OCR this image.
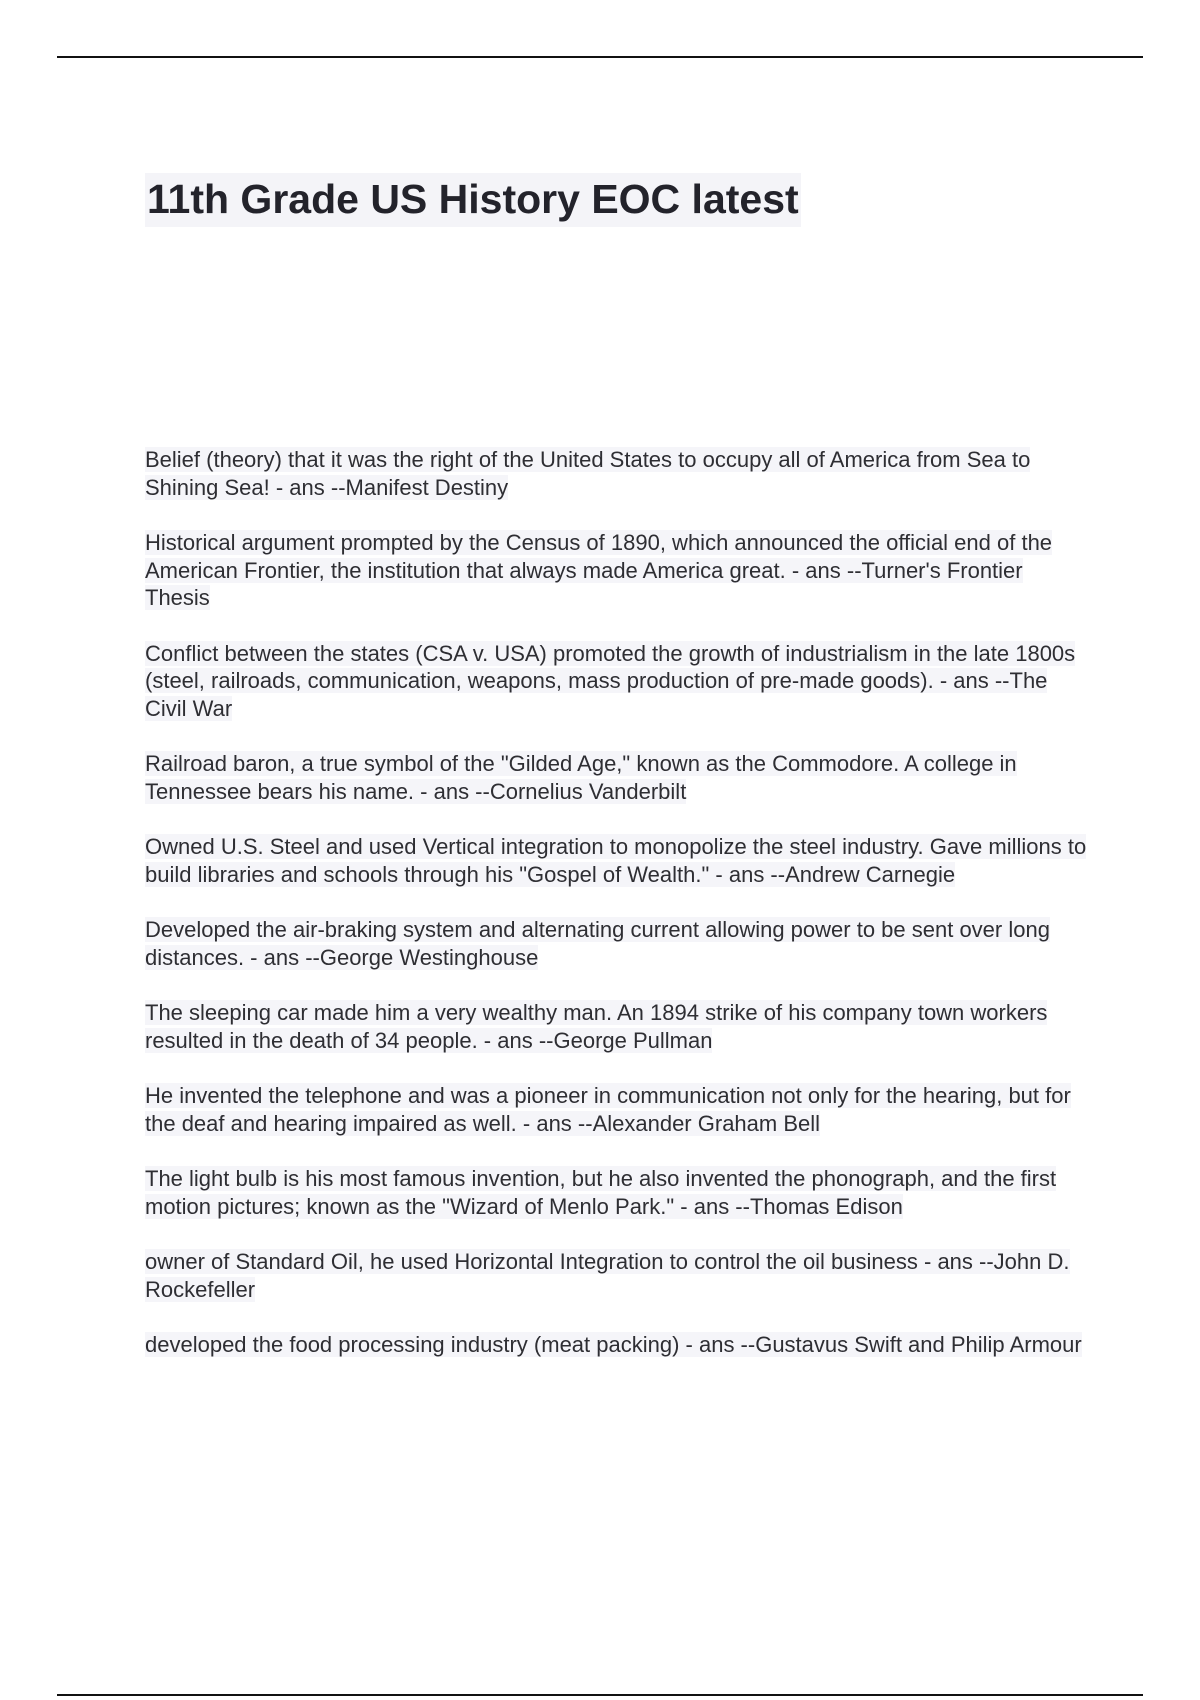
11th Grade US History EOC latest

Belief (theory) that it was the right of the United States to occupy all of America from Sea to Shining Sea! - ans --Manifest Destiny

Historical argument prompted by the Census of 1890, which announced the official end of the American Frontier, the institution that always made America great. - ans --Turner's Frontier Thesis

Conflict between the states (CSA v. USA) promoted the growth of industrialism in the late 1800s (steel, railroads, communication, weapons, mass production of pre-made goods). - ans --The Civil War

Railroad baron, a true symbol of the "Gilded Age," known as the Commodore. A college in Tennessee bears his name. - ans --Cornelius Vanderbilt

Owned U.S. Steel and used Vertical integration to monopolize the steel industry. Gave millions to build libraries and schools through his "Gospel of Wealth." - ans --Andrew Carnegie

Developed the air-braking system and alternating current allowing power to be sent over long distances. - ans --George Westinghouse

The sleeping car made him a very wealthy man. An 1894 strike of his company town workers resulted in the death of 34 people. - ans --George Pullman

He invented the telephone and was a pioneer in communication not only for the hearing, but for the deaf and hearing impaired as well. - ans --Alexander Graham Bell

The light bulb is his most famous invention, but he also invented the phonograph, and the first motion pictures; known as the "Wizard of Menlo Park." - ans --Thomas Edison

owner of Standard Oil, he used Horizontal Integration to control the oil business - ans --John D. Rockefeller

developed the food processing industry (meat packing) - ans --Gustavus Swift and Philip Armour
